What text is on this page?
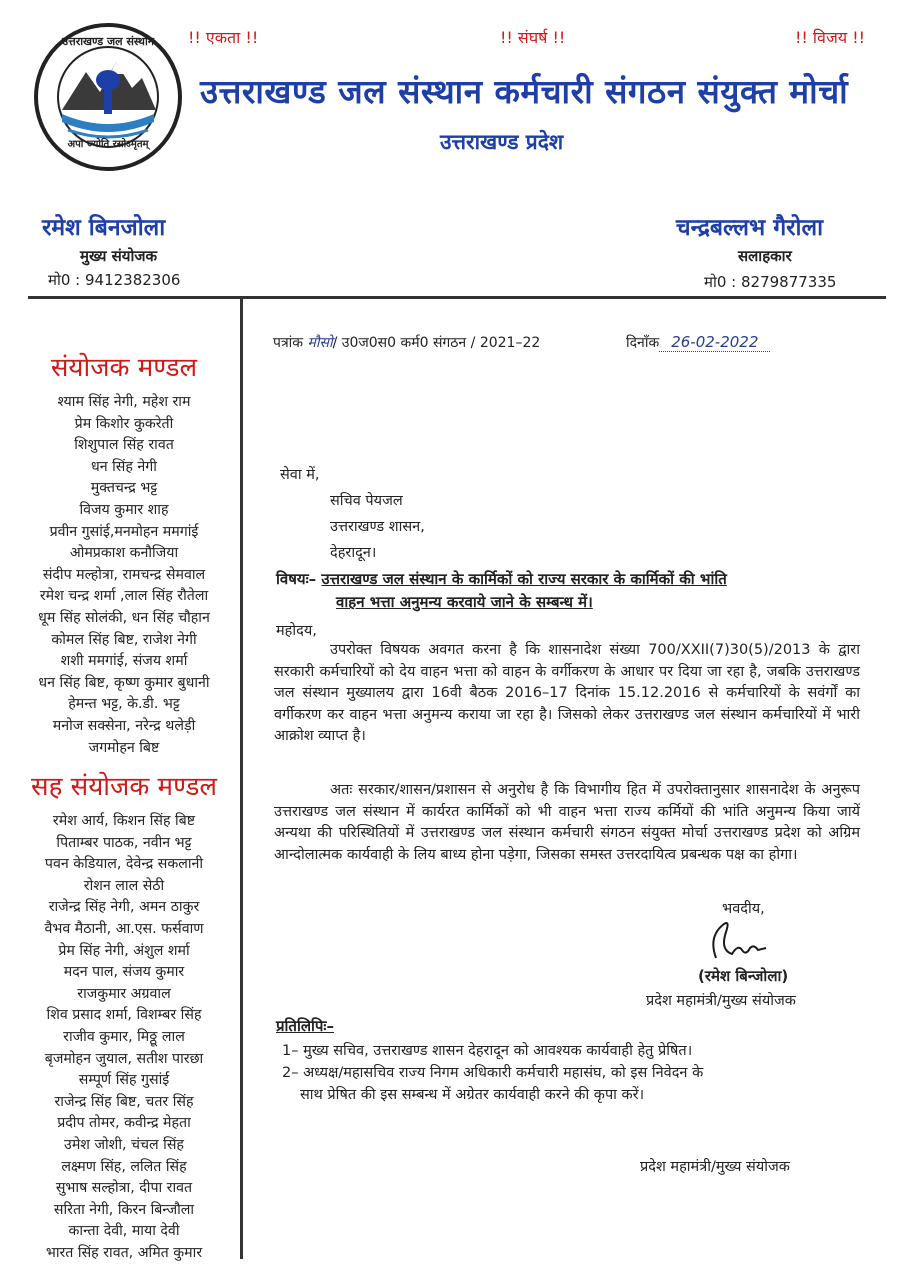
!! एकता !!	!! संघर्ष !!	!! विजय !!
उत्तराखण्ड जल संस्थान
अपो ज्योति रसोऽमृतम्
उत्तराखण्ड जल संस्थान कर्मचारी संगठन संयुक्त मोर्चा
उत्तराखण्ड प्रदेश
रमेश बिनजोला
मुख्य संयोजक
मो0 : 9412382306
चन्द्रबल्लभ गैरोला
सलाहकार
मो0 : 8279877335
संयोजक मण्डल
श्याम सिंह नेगी, महेश राम
प्रेम किशोर कुकरेती
शिशुपाल सिंह रावत
धन सिंह नेगी
मुक्तचन्द्र भट्ट
विजय कुमार शाह
प्रवीन गुसांई,मनमोहन ममगांई
ओमप्रकाश कनौजिया
संदीप मल्होत्रा, रामचन्द्र सेमवाल
रमेश चन्द्र शर्मा ,लाल सिंह रौतेला
धूम सिंह सोलंकी, धन सिंह चौहान
कोमल सिंह बिष्ट, राजेश नेगी
शशी ममगांई, संजय शर्मा
धन सिंह बिष्ट, कृष्ण कुमार बुधानी
हेमन्त भट्ट, के.डी. भट्ट
मनोज सक्सेना, नरेन्द्र थलेड़ी
जगमोहन बिष्ट
सह संयोजक मण्डल
रमेश आर्य, किशन सिंह बिष्ट
पिताम्बर पाठक, नवीन भट्ट
पवन केडियाल, देवेन्द्र सकलानी
रोशन लाल सेठी
राजेन्द्र सिंह नेगी, अमन ठाकुर
वैभव मैठानी, आ.एस. फर्सवाण
प्रेम सिंह नेगी, अंशुल शर्मा
मदन पाल, संजय कुमार
राजकुमार अग्रवाल
शिव प्रसाद शर्मा, विशम्बर सिंह
राजीव कुमार, मिठ्ठू लाल
बृजमोहन जुयाल, सतीश पारछा
सम्पूर्ण सिंह गुसांई
राजेन्द्र सिंह बिष्ट, चतर सिंह
प्रदीप तोमर, कवीन्द्र मेहता
उमेश जोशी, चंचल सिंह
लक्ष्मण सिंह, ललित सिंह
सुभाष सल्होत्रा, दीपा रावत
सरिता नेगी, किरन बिन्जौला
कान्ता देवी, माया देवी
भारत सिंह रावत, अमित कुमार
पत्रांक मौसो/ उ0ज0स0 कर्म0 संगठन / 2021–22	दिनाँक 26-02-2022
सेवा में,
सचिव पेयजल
उत्तराखण्ड शासन,
देहरादून।
विषयः– उत्तराखण्ड जल संस्थान के कार्मिकों को राज्य सरकार के कार्मिकों की भांति
वाहन भत्ता अनुमन्य करवाये जाने के सम्बन्ध में।
महोदय,
उपरोक्त विषयक अवगत करना है कि शासनादेश संख्या 700/XXII(7)30(5)/2013 के द्वारा सरकारी कर्मचारियों को देय वाहन भत्ता को वाहन के वर्गीकरण के आधार पर दिया जा रहा है, जबकि उत्तराखण्ड जल संस्थान मुख्यालय द्वारा 16वी बैठक 2016–17 दिनांक 15.12.2016 से कर्मचारियों के सवंर्गों का वर्गीकरण कर वाहन भत्ता अनुमन्य कराया जा रहा है। जिसको लेकर उत्तराखण्ड जल संस्थान कर्मचारियों में भारी आक्रोश व्याप्त है।
अतः सरकार/शासन/प्रशासन से अनुरोध है कि विभागीय हित में उपरोक्तानुसार शासनादेश के अनुरूप उत्तराखण्ड जल संस्थान में कार्यरत कार्मिकों को भी वाहन भत्ता राज्य कर्मियों की भांति अनुमन्य किया जायें अन्यथा की परिस्थितियों में उत्तराखण्ड जल संस्थान कर्मचारी संगठन संयुक्त मोर्चा उत्तराखण्ड प्रदेश को अग्रिम आन्दोलात्मक कार्यवाही के लिय बाध्य होना पड़ेगा, जिसका समस्त उत्तरदायित्व प्रबन्धक पक्ष का होगा।
भवदीय,
(रमेश बिन्जोला)
प्रदेश महामंत्री/मुख्य संयोजक
प्रतिलिपिः–
1– मुख्य सचिव, उत्तराखण्ड शासन देहरादून को आवश्यक कार्यवाही हेतु प्रेषित।
2– अध्यक्ष/महासचिव राज्य निगम अधिकारी कर्मचारी महासंघ, को इस निवेदन के
साथ प्रेषित की इस सम्बन्ध में अग्रेतर कार्यवाही करने की कृपा करें।
प्रदेश महामंत्री/मुख्य संयोजक
